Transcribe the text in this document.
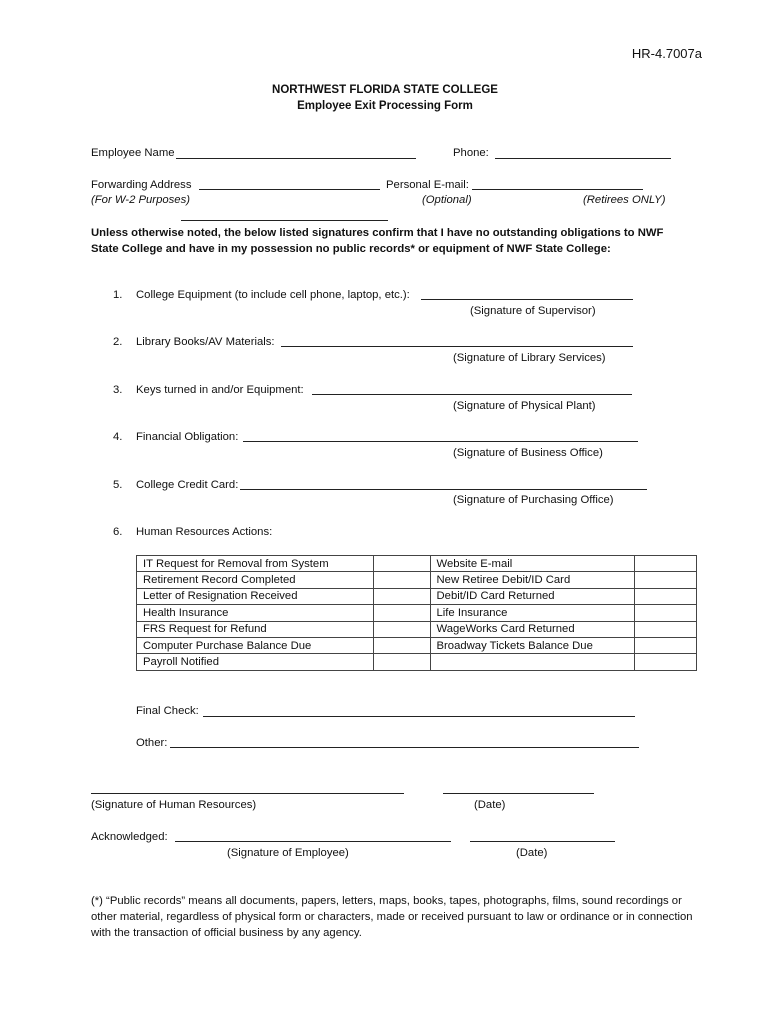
HR-4.7007a
NORTHWEST FLORIDA STATE COLLEGE
Employee Exit Processing Form
Employee Name	Phone:
Forwarding Address	Personal E-mail:
(For W-2 Purposes)	(Optional)	(Retirees ONLY)
Unless otherwise noted, the below listed signatures confirm that I have no outstanding obligations to NWF State College and have in my possession no public records* or equipment of NWF State College:
1. College Equipment (to include cell phone, laptop, etc.):
(Signature of Supervisor)
2. Library Books/AV Materials:
(Signature of Library Services)
3. Keys turned in and/or Equipment:
(Signature of Physical Plant)
4. Financial Obligation:
(Signature of Business Office)
5. College Credit Card:
(Signature of Purchasing Office)
6. Human Resources Actions:
IT Request for Removal from System		Website E-mail	
Retirement Record Completed		New Retiree Debit/ID Card	
Letter of Resignation Received		Debit/ID Card Returned	
Health Insurance		Life Insurance	
FRS Request for Refund		WageWorks Card Returned	
Computer Purchase Balance Due		Broadway Tickets Balance Due	
Payroll Notified			
Final Check:
Other:
(Signature of Human Resources)	(Date)
Acknowledged:
(Signature of Employee)	(Date)
(*) “Public records” means all documents, papers, letters, maps, books, tapes, photographs, films, sound recordings or other material, regardless of physical form or characters, made or received pursuant to law or ordinance or in connection with the transaction of official business by any agency.
